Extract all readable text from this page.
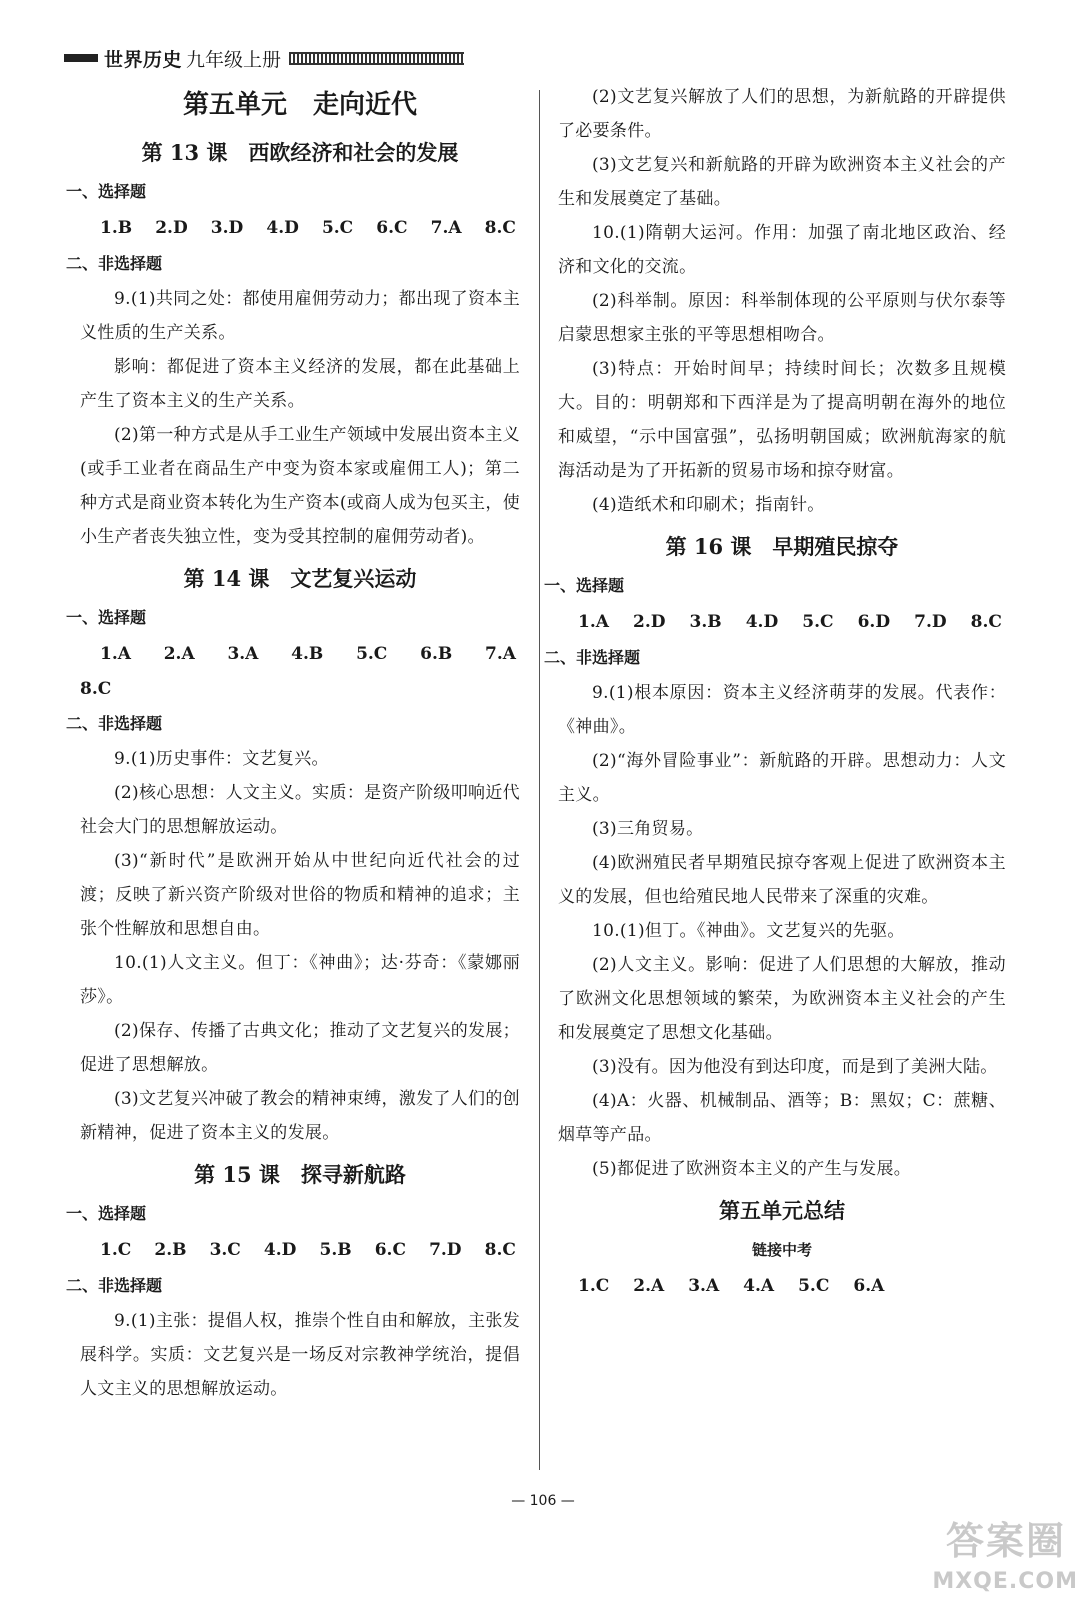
世界历史 九年级上册
第五单元　走向近代
第 13 课　西欧经济和社会的发展
一、选择题
1.B 2.D 3.D 4.D 5.C 6.C 7.A 8.C
二、非选择题

9.(1)共同之处：都使用雇佣劳动力；都出现了资本主义性质的生产关系。

影响：都促进了资本主义经济的发展，都在此基础上产生了资本主义的生产关系。

(2)第一种方式是从手工业生产领域中发展出资本主义(或手工业者在商品生产中变为资本家或雇佣工人)；第二种方式是商业资本转化为生产资本(或商人成为包买主，使小生产者丧失独立性，变为受其控制的雇佣劳动者)。

第 14 课　文艺复兴运动
一、选择题
1.A 2.A 3.A 4.B 5.C 6.B 7.A
8.C
二、非选择题

9.(1)历史事件：文艺复兴。

(2)核心思想：人文主义。实质：是资产阶级叩响近代社会大门的思想解放运动。

(3)“新时代”是欧洲开始从中世纪向近代社会的过渡；反映了新兴资产阶级对世俗的物质和精神的追求；主张个性解放和思想自由。

10.(1)人文主义。但丁：《神曲》；达·芬奇：《蒙娜丽莎》。

(2)保存、传播了古典文化；推动了文艺复兴的发展；促进了思想解放。

(3)文艺复兴冲破了教会的精神束缚，激发了人们的创新精神，促进了资本主义的发展。

第 15 课　探寻新航路
一、选择题
1.C 2.B 3.C 4.D 5.B 6.C 7.D 8.C
二、非选择题

9.(1)主张：提倡人权，推崇个性自由和解放，主张发展科学。实质：文艺复兴是一场反对宗教神学统治，提倡人文主义的思想解放运动。

(2)文艺复兴解放了人们的思想，为新航路的开辟提供了必要条件。

(3)文艺复兴和新航路的开辟为欧洲资本主义社会的产生和发展奠定了基础。

10.(1)隋朝大运河。作用：加强了南北地区政治、经济和文化的交流。

(2)科举制。原因：科举制体现的公平原则与伏尔泰等启蒙思想家主张的平等思想相吻合。

(3)特点：开始时间早；持续时间长；次数多且规模大。目的：明朝郑和下西洋是为了提高明朝在海外的地位和威望，“示中国富强”，弘扬明朝国威；欧洲航海家的航海活动是为了开拓新的贸易市场和掠夺财富。

(4)造纸术和印刷术；指南针。

第 16 课　早期殖民掠夺
一、选择题
1.A 2.D 3.B 4.D 5.C 6.D 7.D 8.C
二、非选择题

9.(1)根本原因：资本主义经济萌芽的发展。代表作：《神曲》。

(2)“海外冒险事业”：新航路的开辟。思想动力：人文主义。

(3)三角贸易。

(4)欧洲殖民者早期殖民掠夺客观上促进了欧洲资本主义的发展，但也给殖民地人民带来了深重的灾难。

10.(1)但丁。《神曲》。文艺复兴的先驱。

(2)人文主义。影响：促进了人们思想的大解放，推动了欧洲文化思想领域的繁荣，为欧洲资本主义社会的产生和发展奠定了思想文化基础。

(3)没有。因为他没有到达印度，而是到了美洲大陆。

(4)A：火器、机械制品、酒等；B：黑奴；C：蔗糖、烟草等产品。

(5)都促进了欧洲资本主义的产生与发展。

第五单元总结
链接中考
1.C 2.A 3.A 4.A 5.C 6.A
— 106 —
答案圈
MXQE.COM
